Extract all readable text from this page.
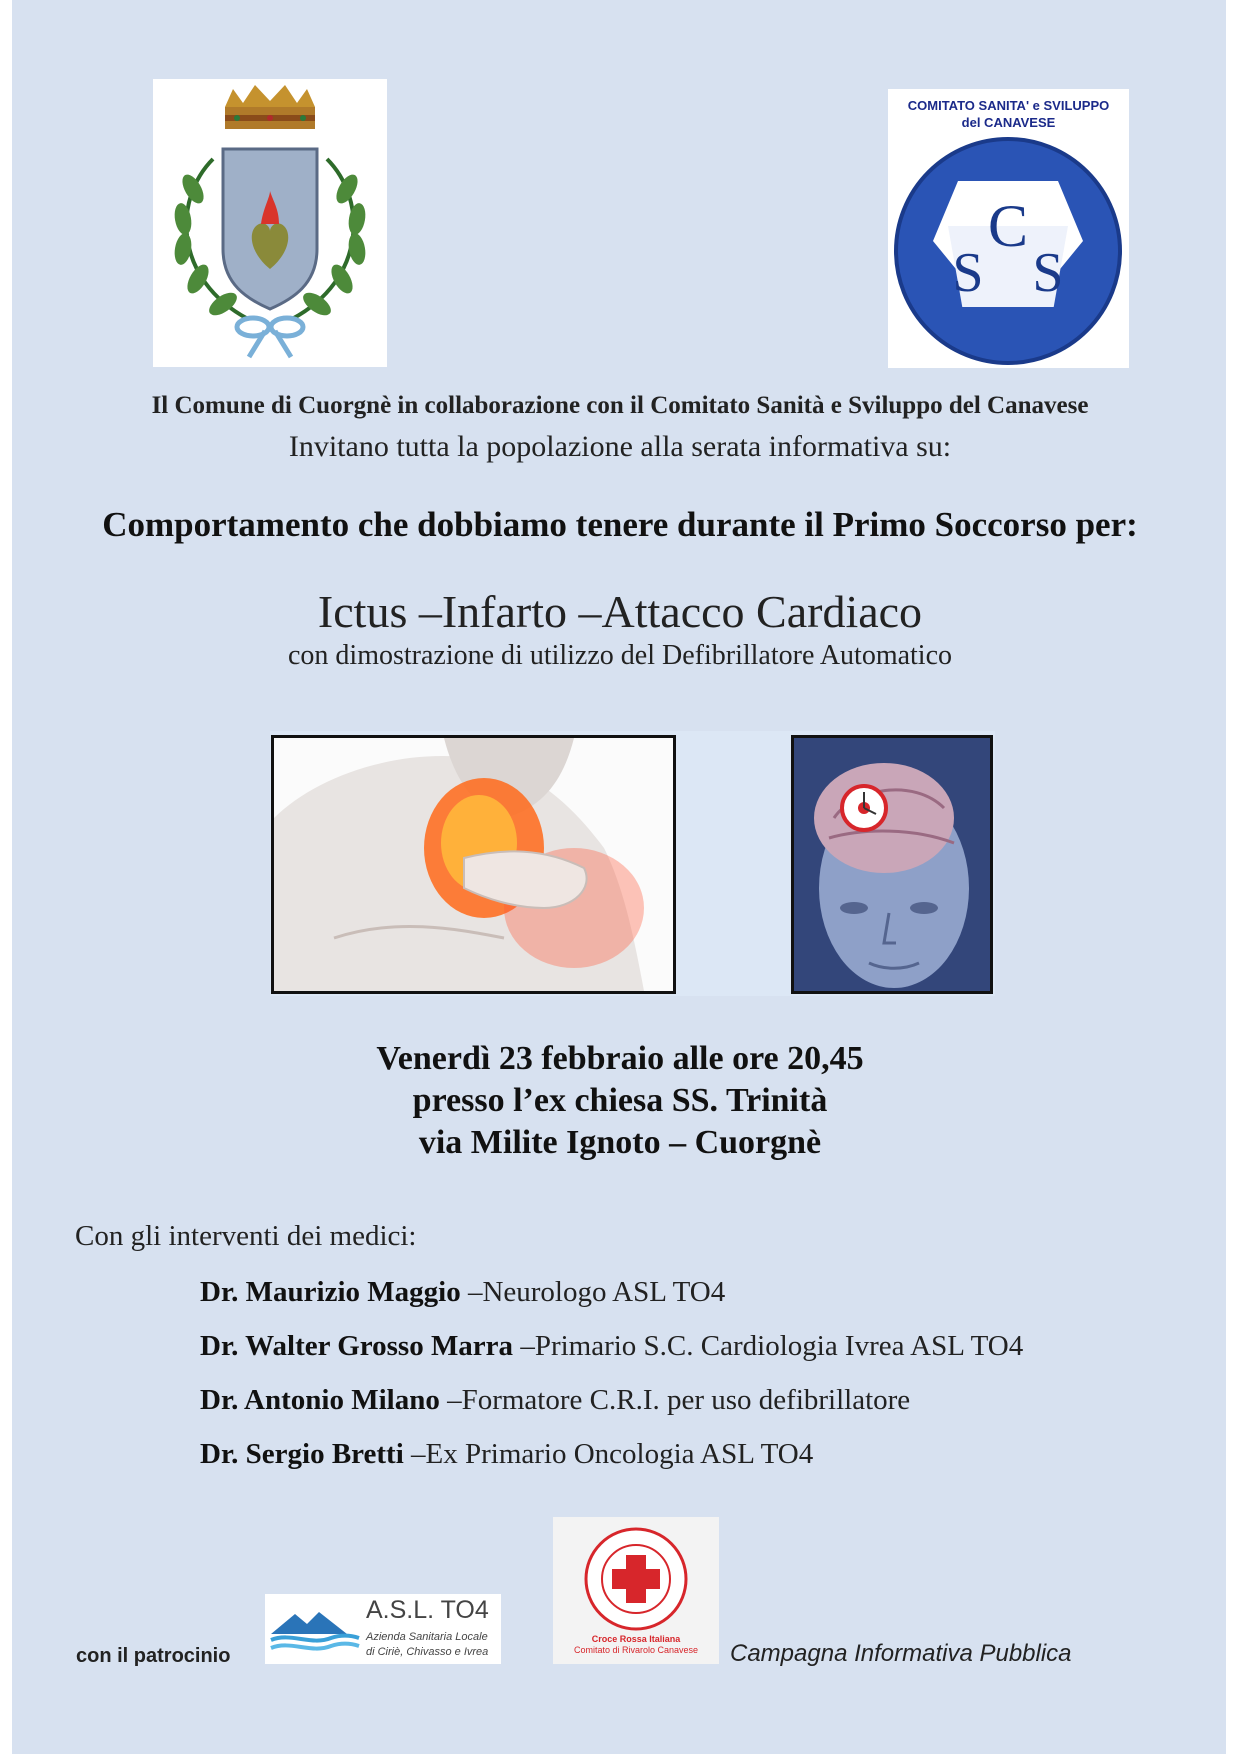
COMITATO SANITA' e SVILUPPO
del CANAVESE
C
S S
Il Comune di Cuorgnè in collaborazione con il Comitato Sanità e Sviluppo del Canavese
Invitano tutta la popolazione alla serata informativa su:
Comportamento che dobbiamo tenere durante il Primo Soccorso per:
Ictus –Infarto –Attacco Cardiaco
con dimostrazione di utilizzo del Defibrillatore Automatico
Venerdì 23 febbraio alle ore 20,45
presso l’ex chiesa SS. Trinità
via Milite Ignoto – Cuorgnè
Con gli interventi dei medici:
Dr. Maurizio Maggio –Neurologo ASL TO4
Dr. Walter Grosso Marra –Primario S.C. Cardiologia Ivrea ASL TO4
Dr. Antonio Milano –Formatore C.R.I. per uso defibrillatore
Dr. Sergio Bretti –Ex Primario Oncologia ASL TO4
con il patrocinio
A.S.L. TO4
Azienda Sanitaria Locale
di Ciriè, Chivasso e Ivrea
Croce Rossa Italiana
Comitato di Rivarolo Canavese	Campagna Informativa Pubblica
